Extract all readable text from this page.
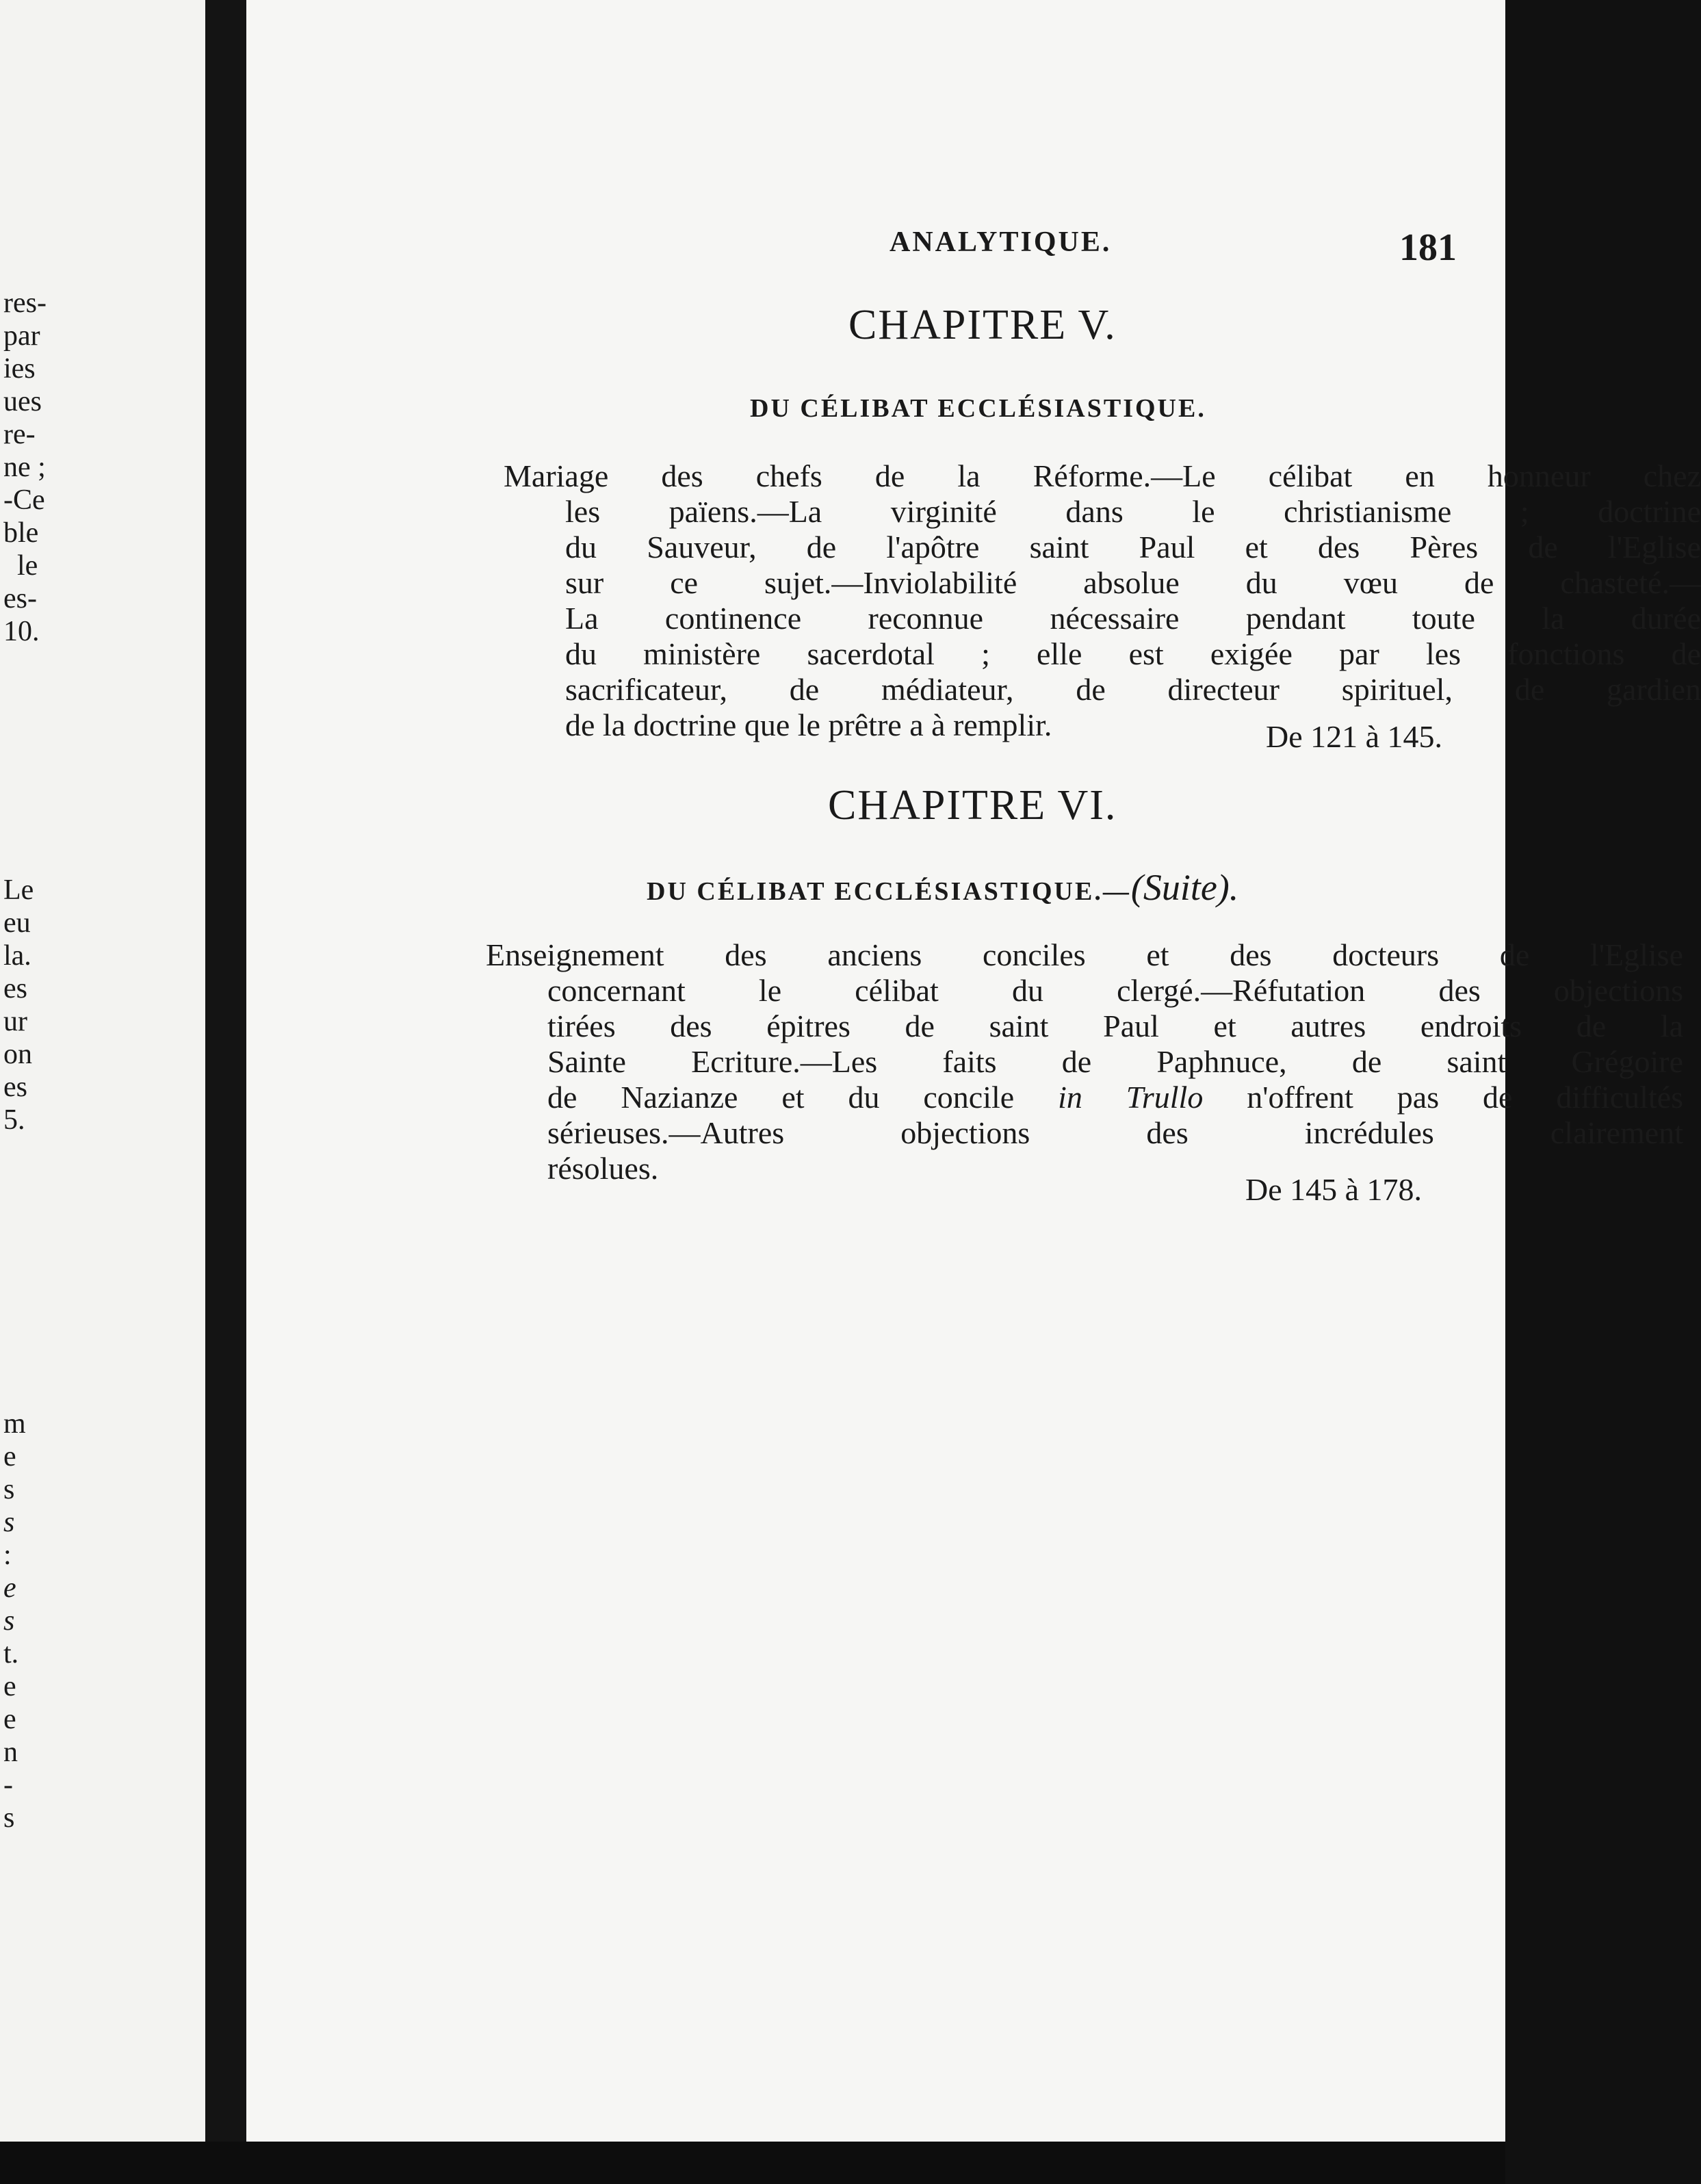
res-
par
ies
ues
re-
ne ;
-Ce
ble
le
es-
10.
Le
eu
la.
es
ur
on
es
5.
m
e
s
s
:
e
s
t.
e
e
n
-
s
ANALYTIQUE.	181
CHAPITRE V.
DU CÉLIBAT ECCLÉSIASTIQUE.
Mariage des chefs de la Réforme.—Le célibat en honneur chez
les païens.—La virginité dans le christianisme ; doctrine
du Sauveur, de l'apôtre saint Paul et des Pères de l'Eglise
sur ce sujet.—Inviolabilité absolue du vœu de chasteté.—
La continence reconnue nécessaire pendant toute la durée
du ministère sacerdotal ; elle est exigée par les fonctions de
sacrificateur, de médiateur, de directeur spirituel, de gardien
de la doctrine que le prêtre a à remplir.	De 121 à 145.
CHAPITRE VI.
DU CÉLIBAT ECCLÉSIASTIQUE.—(Suite).
Enseignement des anciens conciles et des docteurs de l'Eglise
concernant le célibat du clergé.—Réfutation des objections
tirées des épitres de saint Paul et autres endroits de la
Sainte Ecriture.—Les faits de Paphnuce, de saint Grégoire
de Nazianze et du concile in Trullo n'offrent pas de difficultés
sérieuses.—Autres objections des incrédules clairement
résolues.
De 145 à 178.
